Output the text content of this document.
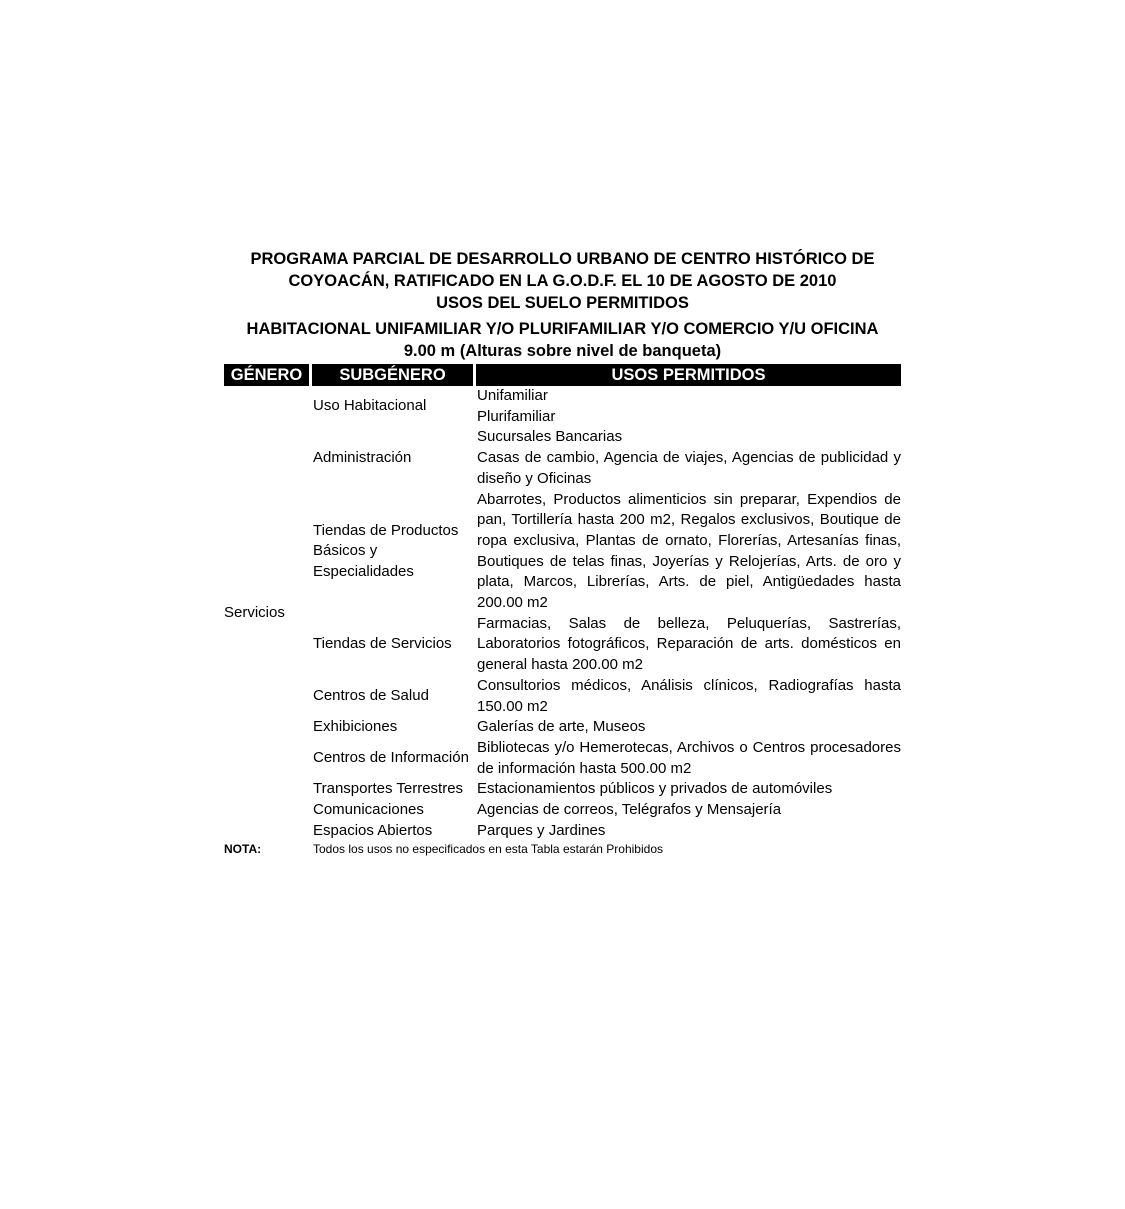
PROGRAMA PARCIAL DE DESARROLLO URBANO DE CENTRO HISTÓRICO DE

COYOACÁN, RATIFICADO EN LA G.O.D.F. EL 10 DE AGOSTO DE 2010

USOS DEL SUELO PERMITIDOS

HABITACIONAL UNIFAMILIAR Y/O PLURIFAMILIAR Y/O COMERCIO Y/U OFICINA

9.00 m (Alturas sobre nivel de banqueta)

GÉNERO	SUBGÉNERO	USOS PERMITIDOS
Servicios	Uso Habitacional	Unifamiliar
		Plurifamiliar
	Administración	Sucursales Bancarias
		Casas de cambio, Agencia de viajes, Agencias de publicidad y diseño y Oficinas
	Tiendas de Productos Básicos y Especialidades	Abarrotes, Productos alimenticios sin preparar, Expendios de pan, Tortillería hasta 200 m2, Regalos exclusivos, Boutique de ropa exclusiva, Plantas de ornato, Florerías, Artesanías finas, Boutiques de telas finas, Joyerías y Relojerías, Arts. de oro y plata, Marcos, Librerías, Arts. de piel, Antigüedades hasta 200.00 m2
	Tiendas de Servicios	Farmacias, Salas de belleza, Peluquerías, Sastrerías, Laboratorios fotográficos, Reparación de arts. domésticos en general hasta 200.00 m2
	Centros de Salud	Consultorios médicos, Análisis clínicos, Radiografías hasta 150.00 m2
	Exhibiciones	Galerías de arte, Museos
	Centros de Información	Bibliotecas y/o Hemerotecas, Archivos o Centros procesadores de información hasta 500.00 m2
	Transportes Terrestres	Estacionamientos públicos y privados de automóviles
	Comunicaciones	Agencias de correos, Telégrafos y Mensajería
	Espacios Abiertos	Parques y Jardines
NOTA:	Todos los usos no especificados en esta Tabla estarán Prohibidos	
